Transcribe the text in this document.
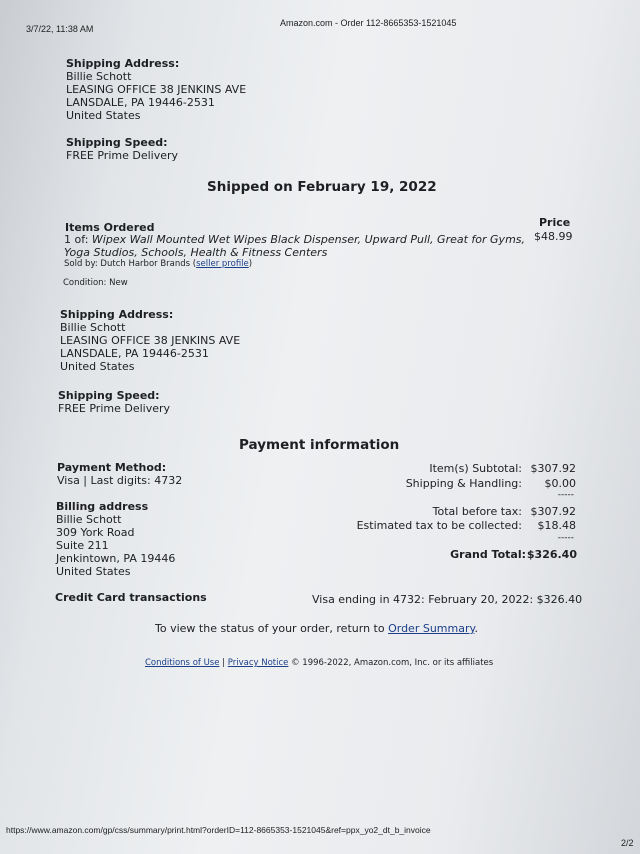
3/7/22, 11:38 AM
Amazon.com - Order 112-8665353-1521045
Shipping Address:
Billie Schott
LEASING OFFICE 38 JENKINS AVE
LANSDALE, PA 19446-2531
United States
Shipping Speed:
FREE Prime Delivery
Shipped on February 19, 2022
Items Ordered	Price
1 of: Wipex Wall Mounted Wet Wipes Black Dispenser, Upward Pull, Great for Gyms,
Yoga Studios, Schools, Health & Fitness Centers
$48.99
Sold by: Dutch Harbor Brands (seller profile)
Condition: New
Shipping Address:
Billie Schott
LEASING OFFICE 38 JENKINS AVE
LANSDALE, PA 19446-2531
United States
Shipping Speed:
FREE Prime Delivery
Payment information
Payment Method:
Visa | Last digits: 4732
Billing address
Billie Schott
309 York Road
Suite 211
Jenkintown, PA 19446
United States
Item(s) Subtotal: $307.92
Shipping & Handling: $0.00
-----
Total before tax: $307.92
Estimated tax to be collected: $18.48
-----
Grand Total: $326.40
Credit Card transactions	Visa ending in 4732: February 20, 2022: $326.40
To view the status of your order, return to Order Summary.
Conditions of Use | Privacy Notice © 1996-2022, Amazon.com, Inc. or its affiliates
https://www.amazon.com/gp/css/summary/print.html?orderID=112-8665353-1521045&ref=ppx_yo2_dt_b_invoice
2/2
